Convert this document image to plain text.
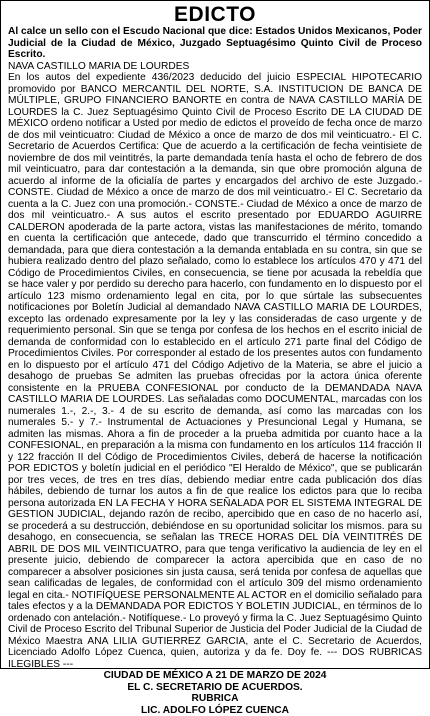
EDICTO

Al calce un sello con el Escudo Nacional que dice: Estados Unidos Mexicanos, Poder Judicial de la Ciudad de México, Juzgado Septuagésimo Quinto Civil de Proceso Escrito.

NAVA CASTILLO MARIA DE LOURDES

En los autos del expediente 436/2023 deducido del juicio ESPECIAL HIPOTECARIO promovido por BANCO MERCANTIL DEL NORTE, S.A. INSTITUCION DE BANCA DE MÚLTIPLE, GRUPO FINANCIERO BANORTE en contra de NAVA CASTILLO MARÍA DE LOURDES la C. Juez Septuagésimo Quinto Civil de Proceso Escrito DE LA CIUDAD DE MÉXICO ordeno notificar a Usted por medio de edictos el proveído de fecha once de marzo de dos mil veinticuatro: Ciudad de México a once de marzo de dos mil veinticuatro.- El C. Secretario de Acuerdos Certifica: Que de acuerdo a la certificación de fecha veintisiete de noviembre de dos mil veintitrés, la parte demandada tenía hasta el ocho de febrero de dos mil veinticuatro, para dar contestación a la demanda, sin que obre promoción alguna de acuerdo al informe de la oficialía de partes y encargados del archivo de este Juzgado.- CONSTE. Ciudad de México a once de marzo de dos mil veinticuatro.- El C. Secretario da cuenta a la C. Juez con una promoción.- CONSTE.- Ciudad de México a once de marzo de dos mil veinticuatro.- A sus autos el escrito presentado por EDUARDO AGUIRRE CALDERON apoderada de la parte actora, vistas las manifestaciones de mérito, tomando en cuenta la certificación que antecede, dado que transcurrido el término concedido a demandada, para que diera contestación a la demanda entablada en su contra, sin que se hubiera realizado dentro del plazo señalado, como lo establece los artículos 470 y 471 del Código de Procedimientos Civiles, en consecuencia, se tiene por acusada la rebeldía que se hace valer y por perdido su derecho para hacerlo, con fundamento en lo dispuesto por el artículo 123 mismo ordenamiento legal en cita, por lo que súrtale las subsecuentes notificaciones por Boletín Judicial al demandado NAVA CASTILLO MARIA DE LOURDES, excepto las ordenado expresamente por la ley y las consideradas de caso urgente y de requerimiento personal. Sin que se tenga por confesa de los hechos en el escrito inicial de demanda de conformidad con lo establecido en el artículo 271 parte final del Código de Procedimientos Civiles. Por corresponder al estado de los presentes autos con fundamento en lo dispuesto por el artículo 471 del Código Adjetivo de la Materia, se abre el juicio a desahogo de pruebas Se admiten las pruebas ofrecidas por la actora única oferente consistente en la PRUEBA CONFESIONAL por conducto de la DEMANDADA NAVA CASTILLO MARIA DE LOURDES. Las señaladas como DOCUMENTAL, marcadas con los numerales 1.-, 2.-, 3.- 4 de su escrito de demanda, así como las marcadas con los numerales 5.- y 7.- Instrumental de Actuaciones y Presuncional Legal y Humana, se admiten las mismas. Ahora a fin de proceder a la prueba admitida por cuanto hace a la CONFESIONAL, en preparación a la misma con fundamento en los artículos 114 fracción II y 122 fracción II del Código de Procedimientos Civiles, deberá de hacerse la notificación POR EDICTOS y boletín judicial en el periódico "El Heraldo de México", que se publicarán por tres veces, de tres en tres días, debiendo mediar entre cada publicación dos días hábiles, debiendo de turnar los autos a fin de que realice los edictos para que lo reciba persona autorizada EN LA FECHA Y HORA SEÑALADA POR EL SISTEMA INTEGRAL DE GESTION JUDICIAL, dejando razón de recibo, apercibido que en caso de no hacerlo así, se procederá a su destrucción, debiéndose en su oportunidad solicitar los mismos. para su desahogo, en consecuencia, se señalan las TRECE HORAS DEL DÍA VEINTITRÉS DE ABRIL DE DOS MIL VEINTICUATRO, para que tenga verificativo la audiencia de ley en el presente juicio, debiendo de comparecer la actora apercibida que en caso de no comparecer a absolver posiciones sin justa causa, será tenida por confesa de aquellas que sean calificadas de legales, de conformidad con el artículo 309 del mismo ordenamiento legal en cita.- NOTIFÍQUESE PERSONALMENTE AL ACTOR en el domicilio señalado para tales efectos y a la DEMANDADA POR EDICTOS Y BOLETIN JUDICIAL, en términos de lo ordenado con antelación.- Notifíquese.- Lo proveyó y firma la C. Juez Septuagésimo Quinto Civil de Proceso Escrito del Tribunal Superior de Justicia del Poder Judicial de la Ciudad de México Maestra ANA LILIA GUTIERREZ GARCIA, ante el C. Secretario de Acuerdos, Licenciado Adolfo López Cuenca, quien, autoriza y da fe. Doy fe. --- DOS RUBRICAS ILEGIBLES ---

CIUDAD DE MÉXICO A 21 DE MARZO DE 2024

EL C. SECRETARIO DE ACUERDOS.

RUBRICA

LIC. ADOLFO LÓPEZ CUENCA
